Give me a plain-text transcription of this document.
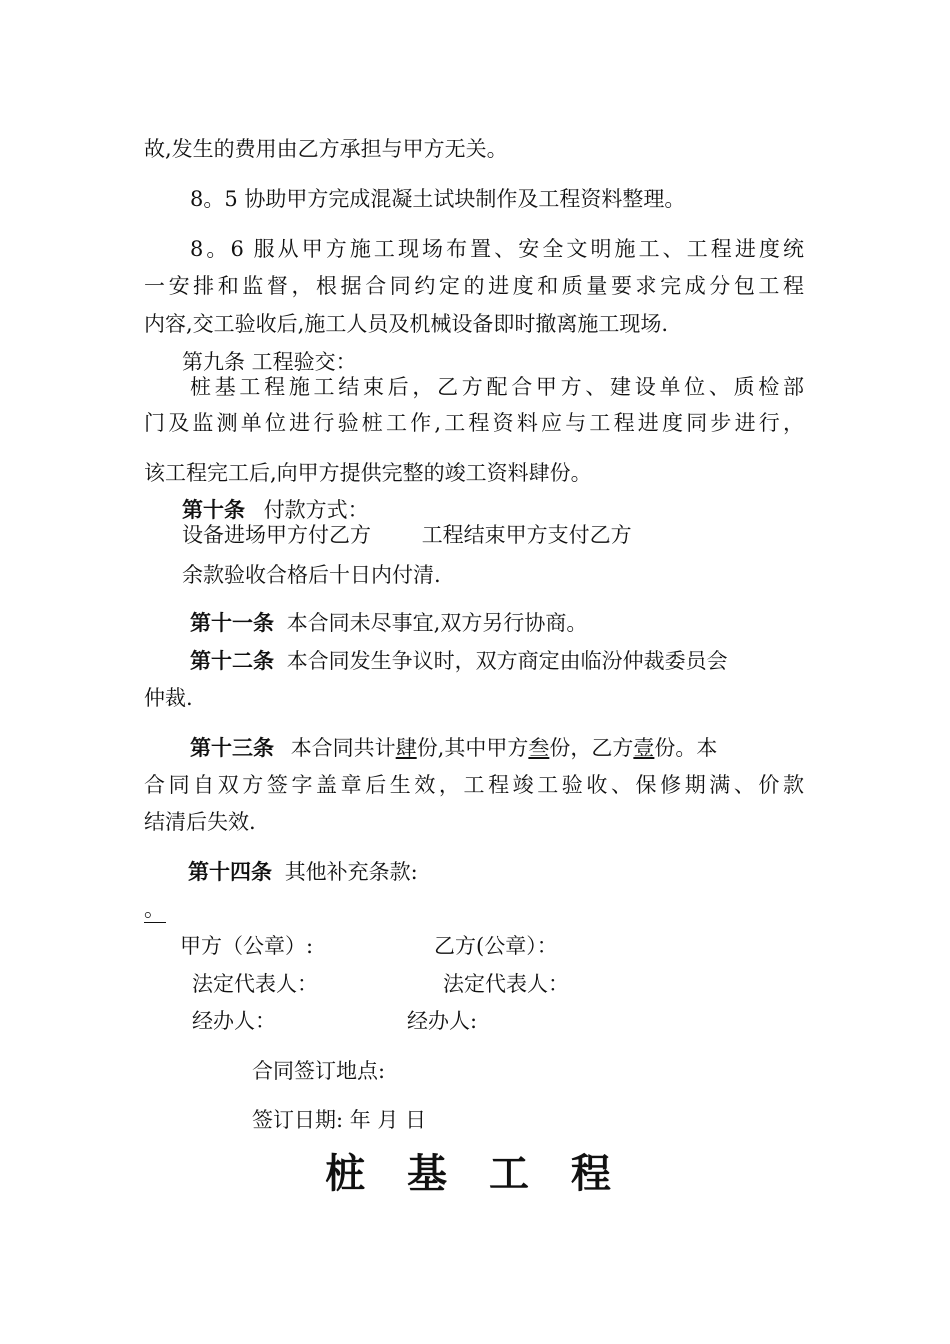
故,发生的费用由乙方承担与甲方无关。
8。5 协助甲方完成混凝土试块制作及工程资料整理。
8。6 服从甲方施工现场布置、安全文明施工、工程进度统
一安排和监督，根据合同约定的进度和质量要求完成分包工程
内容,交工验收后,施工人员及机械设备即时撤离施工现场.
第九条 工程验交：
桩基工程施工结束后，乙方配合甲方、建设单位、质检部
门及监测单位进行验桩工作,工程资料应与工程进度同步进行，
该工程完工后,向甲方提供完整的竣工资料肆份。
第十条 付款方式：
设备进场甲方付乙方 工程结束甲方支付乙方
余款验收合格后十日内付清.
第十一条 本合同未尽事宜,双方另行协商。
第十二条 本合同发生争议时，双方商定由临汾仲裁委员会
仲裁.
第十三条 本合同共计肆份,其中甲方叁份，乙方壹份。本
合同自双方签字盖章后生效，工程竣工验收、保修期满、价款
结清后失效.
第十四条 其他补充条款:
。
甲方（公章）:	乙方(公章）：
法定代表人：	法定代表人：
经办人：	经办人:
合同签订地点:
签订日期: 年 月 日
桩 基 工 程
